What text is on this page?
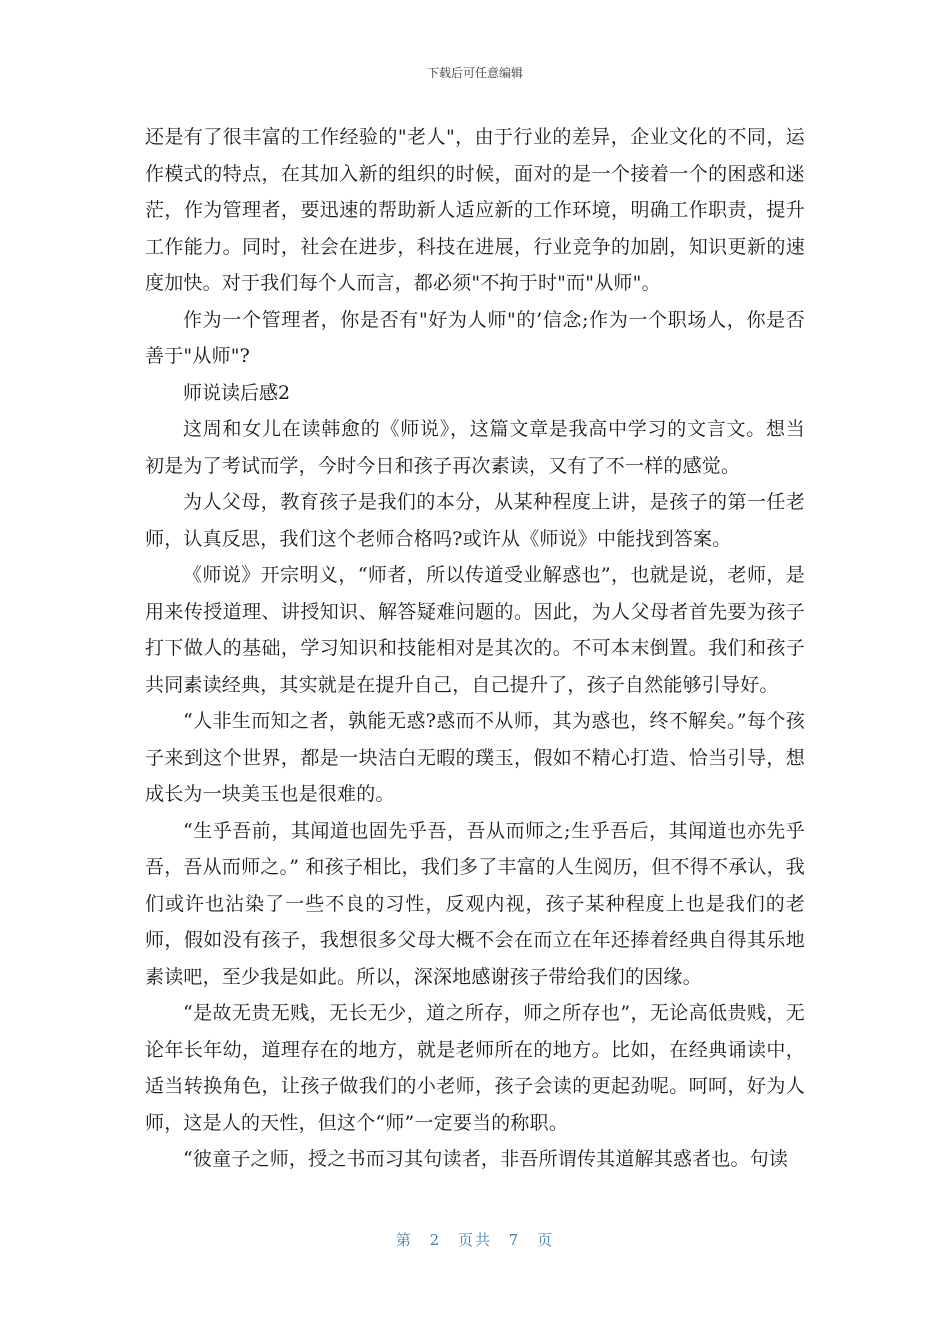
下载后可任意编辑

还是有了很丰富的工作经验的"老人"，由于行业的差异，企业文化的不同，运作模式的特点，在其加入新的组织的时候，面对的是一个接着一个的困惑和迷茫，作为管理者，要迅速的帮助新人适应新的工作环境，明确工作职责，提升工作能力。同时，社会在进步，科技在进展，行业竞争的加剧，知识更新的速度加快。对于我们每个人而言，都必须"不拘于时"而"从师"。

作为一个管理者，你是否有"好为人师"的’信念;作为一个职场人，你是否善于"从师"?

师说读后感2

这周和女儿在读韩愈的《师说》，这篇文章是我高中学习的文言文。想当初是为了考试而学，今时今日和孩子再次素读，又有了不一样的感觉。

为人父母，教育孩子是我们的本分，从某种程度上讲，是孩子的第一任老师，认真反思，我们这个老师合格吗?或许从《师说》中能找到答案。

《师说》开宗明义，“师者，所以传道受业解惑也”，也就是说，老师，是用来传授道理、讲授知识、解答疑难问题的。因此，为人父母者首先要为孩子打下做人的基础，学习知识和技能相对是其次的。不可本末倒置。我们和孩子共同素读经典，其实就是在提升自己，自己提升了，孩子自然能够引导好。

“人非生而知之者，孰能无惑?惑而不从师，其为惑也，终不解矣。”每个孩子来到这个世界，都是一块洁白无暇的璞玉，假如不精心打造、恰当引导，想成长为一块美玉也是很难的。

“生乎吾前，其闻道也固先乎吾，吾从而师之;生乎吾后，其闻道也亦先乎吾，吾从而师之。” 和孩子相比，我们多了丰富的人生阅历，但不得不承认，我们或许也沾染了一些不良的习性，反观内视，孩子某种程度上也是我们的老师，假如没有孩子，我想很多父母大概不会在而立在年还捧着经典自得其乐地素读吧，至少我是如此。所以，深深地感谢孩子带给我们的因缘。

“是故无贵无贱，无长无少，道之所存，师之所存也”，无论高低贵贱，无论年长年幼，道理存在的地方，就是老师所在的地方。比如，在经典诵读中，适当转换角色，让孩子做我们的小老师，孩子会读的更起劲呢。呵呵，好为人师，这是人的天性，但这个“师”一定要当的称职。

“彼童子之师，授之书而习其句读者，非吾所谓传其道解其惑者也。句读

第 2 页共 7 页
